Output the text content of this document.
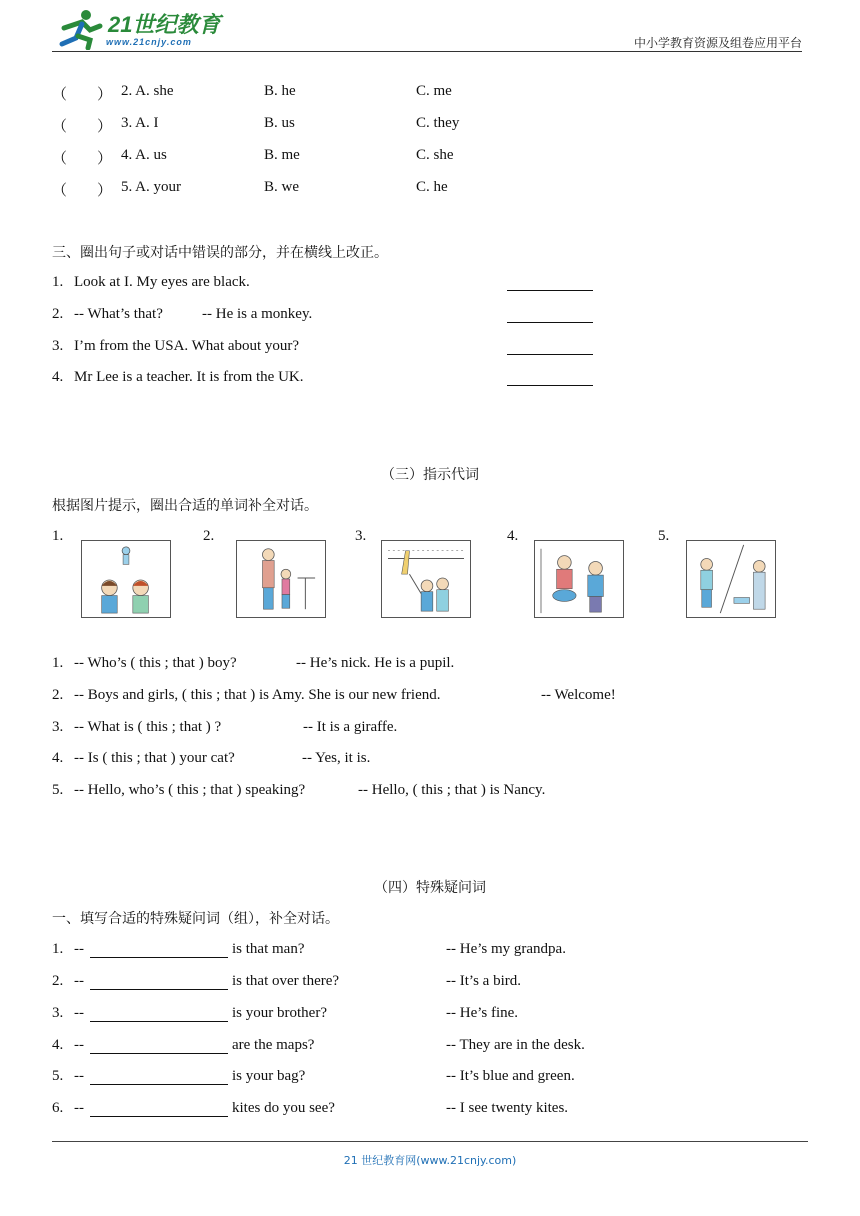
21世纪教育
www.21cnjy.com	中小学教育资源及组卷应用平台
（　　） 2. A. she	B. he	C. me
（　　） 3. A. I	B. us	C. they
（　　） 4. A. us	B. me	C. she
（　　） 5. A. your	B. we	C. he
三、圈出句子或对话中错误的部分，并在横线上改正。
1. Look at I. My eyes are black.
2. -- What’s that?	-- He is a monkey.
3. I’m from the USA. What about your?
4. Mr Lee is a teacher. It is from the UK.
（三）指示代词
根据图片提示，圈出合适的单词补全对话。
1.	2.	3.	4.	5.
1. -- Who’s ( this ; that ) boy?	-- He’s nick. He is a pupil.
2. -- Boys and girls, ( this ; that ) is Amy. She is our new friend.	-- Welcome!
3. -- What is ( this ; that ) ?	-- It is a giraffe.
4. -- Is ( this ; that ) your cat?	-- Yes, it is.
5. -- Hello, who’s ( this ; that ) speaking?	-- Hello, ( this ; that ) is Nancy.
（四）特殊疑问词
一、填写合适的特殊疑问词（组），补全对话。
1. --	is that man?	-- He’s my grandpa.
2. --	is that over there?	-- It’s a bird.
3. --	is your brother?	-- He’s fine.
4. --	are the maps?	-- They are in the desk.
5. --	is your bag?	-- It’s blue and green.
6. --	kites do you see?	-- I see twenty kites.
21 世纪教育网(www.21cnjy.com)
